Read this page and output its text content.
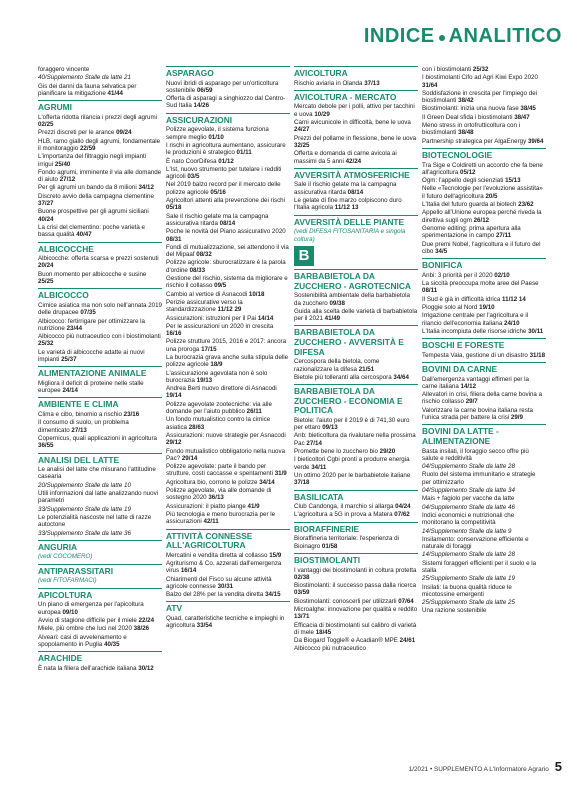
INDICE ANALITICO
foraggero vincente
40/Supplemento Stalle da latte 21
Gis dei danni da fauna selvatica per pianificare la mitigazione 41/44
AGRUMI
L'offerta ridotta rilancia i prezzi degli agrumi 02/25
Prezzi discreti per le arance 09/24
HLB, ramo giallo degli agrumi, fondamentale il monitoraggio 22/59
L'importanza del filtraggio negli impianti irrigui 25/40
Fondo agrumi, imminente il via alle domande di aiuto 27/12
Per gli agrumi un bando da 8 milioni 34/12
Discreto avvio della campagna clementine 37/27
Buone prospettive per gli agrumi siciliani 40/24
La crisi del clementino: poche varietà e bassa qualità 40/47
ALBICOCCHE
Albicocche: offerta scarsa e prezzi sostenuti 20/24
Buon momento per albicocche e susine 25/25
ALBICOCCO
Cimice asiatica ma non solo nell'annata 2019 delle drupacee 07/35
Albicocco: fertirrigare per ottimizzare la nutrizione 23/44
Albicocco più nutraceutico con i biostimolanti 25/32
Le varietà di albicocche adatte ai nuovi impianti 25/37
ALIMENTAZIONE ANIMALE
Migliora il deficit di proteine nelle stalle europee 24/14
AMBIENTE E CLIMA
Clima e cibo, binomio a rischio 23/16
Il consumo di suolo, un problema dimenticato 27/13
Copernicus, quali applicazioni in agricoltura 36/55
ANALISI DEL LATTE
Le analisi del latte che misurano l'attitudine casearia
20/Supplemento Stalle da latte 10
Utili informazioni dal latte analizzando nuovi parametri
33/Supplemento Stalle da latte 19
Le potenzialità nascoste nel latte di razze autoctone
33/Supplemento Stalle da latte 36
ANGURIA
(vedi COCOMERO)
ANTIPARASSITARI
(vedi FITOFARMACI)
APICOLTURA
Un piano di emergenza per l'apicoltura europea 09/10
Avvio di stagione difficile per il miele 22/24
Miele, più ombre che luci nel 2020 38/26
Alveari: casi di avvelenamento e spopolamento in Puglia 40/35
ARACHIDE
È nata la filiera dell'arachide italiana 30/12
ASPARAGO
Nuovi ibridi di asparago per un'orticoltura sostenibile 06/59
Offerta di asparagi a singhiozzo dal Centro-Sud Italia 14/26
ASSICURAZIONI
Polizze agevolate, il sistema funziona sempre meglio 01/10
I rischi in agricoltura aumentano, assicurare le produzioni è strategico 01/11
È nato CoorDifesa 01/12
L'Ist, nuovo strumento per tutelare i redditi agricoli 03/5
Nel 2019 balzo record per il mercato delle polizze agricole 05/16
Agricoltori attenti alla prevenzione dei rischi 05/18
Sale il rischio gelate ma la campagna assicurativa ritarda 08/14
Poche le novità del Piano assicurativo 2020 08/31
Fondi di mutualizzazione, sei attendono il via del Mipaaf 08/32
Polizze agricole: sburocratizzare è la parola d'ordine 08/33
Gestione del rischio, sistema da migliorare e rischio il collasso 09/5
Cambio al vertice di Asnacodi 10/18
Perizie assicurative verso la standardizzazione 11/12 29
Assicurazioni: istruzioni per il Pai 14/14
Per le assicurazioni un 2020 in crescita 16/16
Polizze strutture 2015, 2016 e 2017: ancora una proroga 17/15
La burocrazia grava anche sulla stipula delle polizze agricole 18/9
L'assicurazione agevolata non è solo burocrazia 19/13
Andrea Berti nuovo direttore di Asnacodi 19/14
Polizze agevolate zootecniche: via alle domande per l'aiuto pubblico 26/11
Un fondo mutualistico contro la cimice asiatica 28/63
Assicurazioni: nuove strategie per Asnacodi 29/12
Fondo mutualistico obbligatorio nella nuova Pac? 29/14
Polizze agevolate: parte il bando per strutture, costi caccasse e spentamenti 31/9
Agricoltura bio, corrono le polizze 34/14
Polizze agevolate, via alle domande di sostegno 2020 36/13
Assicurazioni: il piatto piange 41/9
Più tecnologia e meno burocrazia per le assicurazioni 42/11
ATTIVITÀ CONNESSE ALL'AGRICOLTURA
Mercatini e vendita diretta al collasso 15/9
Agriturismo & Co. azzerati dall'emergenza virus 16/14
Chiarimenti del Fisco su alcune attività agricole connesse 30/31
Balzo del 28% per la vendita diretta 34/15
ATV
Quad, caratteristiche tecniche e impieghi in agricoltura 33/54
AVICOLTURA
Rischio aviaria in Olanda 37/13
AVICOLTURA - MERCATO
Mercato debole per i polli, attivo per tacchini e uova 10/29
Carni avicunicole in difficoltà, bene le uova 24/27
Prezzi del pollame in flessione, bene le uova 32/25
Offerta e domanda di carne avicola ai massimi da 5 anni 42/24
AVVERSITÀ ATMOSFERICHE
Sale il rischio gelate ma la campagna assicurativa ritarda 08/14
Le gelate di fine marzo colpiscono duro l'Italia agricola 11/12 13
AVVERSITÀ DELLE PIANTE
(vedi DIFESA FITOSANITARIA e singola coltura)
B
BARBABIETOLA DA ZUCCHERO - AGROTECNICA
Sostenibilità ambientale della barbabietola da zucchero 09/38
Guida alla scelta delle varietà di barbabietola per il 2021 41/49
BARBABIETOLA DA ZUCCHERO - AVVERSITÀ E DIFESA
Cercospora della bietola, come razionalizzare la difesa 21/51
Bietole più tolleranti alla cercospora 34/64
BARBABIETOLA DA ZUCCHERO - ECONOMIA E POLITICA
Bietole: l'aiuto per il 2019 è di 741,30 euro per ettaro 09/13
Anb: bieticoltura da rivalutare nella prossima Pac 27/14
Promette bene lo zucchero bio 29/20
I bieticoltori Cgbi pronti a produrre energia verde 34/11
Un ottimo 2020 per le barbabietole italiane 37/18
BASILICATA
Club Candonga, il marchio si allarga 04/24
L'agricoltura a 5G in prova a Matera 07/62
BIORAFFINERIE
Bioraffineria territoriale: l'esperienza di Bioinagro 01/58
BIOSTIMOLANTI
I vantaggi dei biostimolanti in coltura protetta 02/38
Biostimolanti: il successo passa dalla ricerca 03/59
Biostimolanti: conoscerli per utilizzarli 07/64
Microalghe: innovazione per qualità e reddito 13/71
Efficacia di biostimolanti sul calibro di varietà di mele 18/45
Da Biogard Toggle® e Acadian® MPE 24/61
Albicocco più nutraceutico
con i biostimolanti 25/32
I biostimolanti Cifo ad Agri Kiwi Expo 2020 31/64
Soddisfazione in crescita per l'impiego dei biostimolanti 38/42
Biostimolanti: inizia una nuova fase 38/45
Il Green Deal sfida i biostimolanti 38/47
Meno stress in ortofrutticoltura con i biostimolanti 38/48
Partnership strategica per AlgaEnergy 39/64
BIOTECNOLOGIE
Tra Sige e Coldiretti un accordo che fa bene all'agricoltura 05/12
Ogm: l'appello degli scienziati 15/13
Nelle «Tecnologie per l'evoluzione assistita» il futuro dell'agricoltura 20/5
L'Italia del futuro guarda al biotech 23/62
Appello all'Unione europea perché riveda la direttiva sugli ogm 26/12
Genome editing: prima apertura alla sperimentazione in campo 27/11
Due premi Nobel, l'agricoltura e il futuro del cibo 34/5
BONIFICA
Anbi: 3 priorità per il 2020 02/10
La siccità preoccupa molte aree del Paese 08/11
Il Sud è già in difficoltà idrica 11/12 14
Pioggie solo al Nord 19/10
Irrigazione centrale per l'agricoltura e il rilancio dell'economia italiana 24/10
L'Italia incompiuta delle risorse idriche 30/11
BOSCHI E FORESTE
Tempesta Vaia, gestione di un disastro 31/18
BOVINI DA CARNE
Dall'emergenza vantaggi effimeri per la carne italiana 14/12
Allevatori in crisi, filiera della carne bovina a rischio collasso 29/7
Valorizzare la carne bovina italiana resta l'unica strada per battere la crisi 29/9
BOVINI DA LATTE - ALIMENTAZIONE
Basta insilati, il foraggio secco offre più salute e redditività
04/Supplemento Stalle da latte 28
Ruolo del sistema immunitario e strategie per ottimizzarlo
04/Supplemento Stalle da latte 34
Mais + fagiolo per vacche da latte
04/Supplemento Stalle da latte 46
Indici economici e nutrizionali che monitorano la competitività
14/Supplemento Stalle da latte 9
Insilamento: conservazione efficiente e naturale di foraggi
14/Supplemento Stalle da latte 28
Sistemi foraggeri efficienti per il suolo e la stalla
25/Supplemento Stalle da latte 19
Insilati: la buona qualità riduce le micotossine emergenti
25/Supplemento Stalle da latte 25
Una razione sostenibile
1/2021 • SUPPLEMENTO A L'Informatore Agrario 5
